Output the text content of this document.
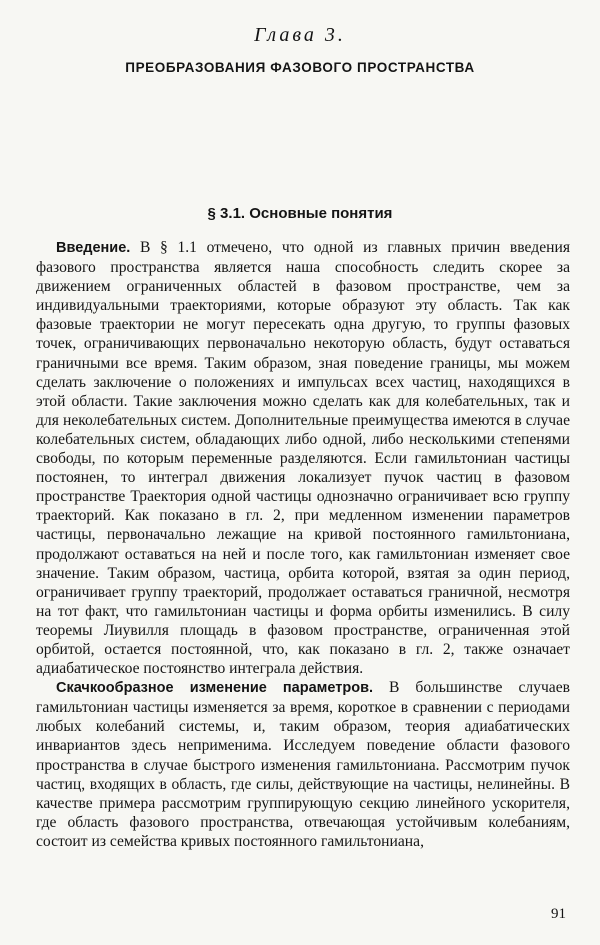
Глава 3.
ПРЕОБРАЗОВАНИЯ ФАЗОВОГО ПРОСТРАНСТВА
§ 3.1. Основные понятия

Введение. В § 1.1 отмечено, что одной из главных причин введения фазового пространства является наша способность следить скорее за движением ограниченных областей в фазовом пространстве, чем за индивидуальными траекториями, которые образуют эту область. Так как фазовые траектории не могут пересекать одна другую, то группы фазовых точек, ограничивающих первоначально некоторую область, будут оставаться граничными все время. Таким образом, зная поведение границы, мы можем сделать заключение о положениях и импульсах всех частиц, находящихся в этой области. Такие заключения можно сделать как для колебательных, так и для неколебательных систем. Дополнительные преимущества имеются в случае колебательных систем, обладающих либо одной, либо несколькими степенями свободы, по которым переменные разделяются. Если гамильтониан частицы постоянен, то интеграл движения локализует пучок частиц в фазовом пространстве Траектория одной частицы однозначно ограничивает всю группу траекторий. Как показано в гл. 2, при медленном изменении параметров частицы, первоначально лежащие на кривой постоянного гамильтониана, продолжают оставаться на ней и после того, как гамильтониан изменяет свое значение. Таким образом, частица, орбита которой, взятая за один период, ограничивает группу траекторий, продолжает оставаться граничной, несмотря на тот факт, что гамильтониан частицы и форма орбиты изменились. В силу теоремы Лиувилля площадь в фазовом пространстве, ограниченная этой орбитой, остается постоянной, что, как показано в гл. 2, также означает адиабатическое постоянство интеграла действия.

Скачкообразное изменение параметров. В большинстве случаев гамильтониан частицы изменяется за время, короткое в сравнении с периодами любых колебаний системы, и, таким образом, теория адиабатических инвариантов здесь неприменима. Исследуем поведение области фазового пространства в случае быстрого изменения гамильтониана. Рассмотрим пучок частиц, входящих в область, где силы, действующие на частицы, нелинейны. В качестве примера рассмотрим группирующую секцию линейного ускорителя, где область фазового пространства, отвечающая устойчивым колебаниям, состоит из семейства кривых постоянного гамильтониана,

91
